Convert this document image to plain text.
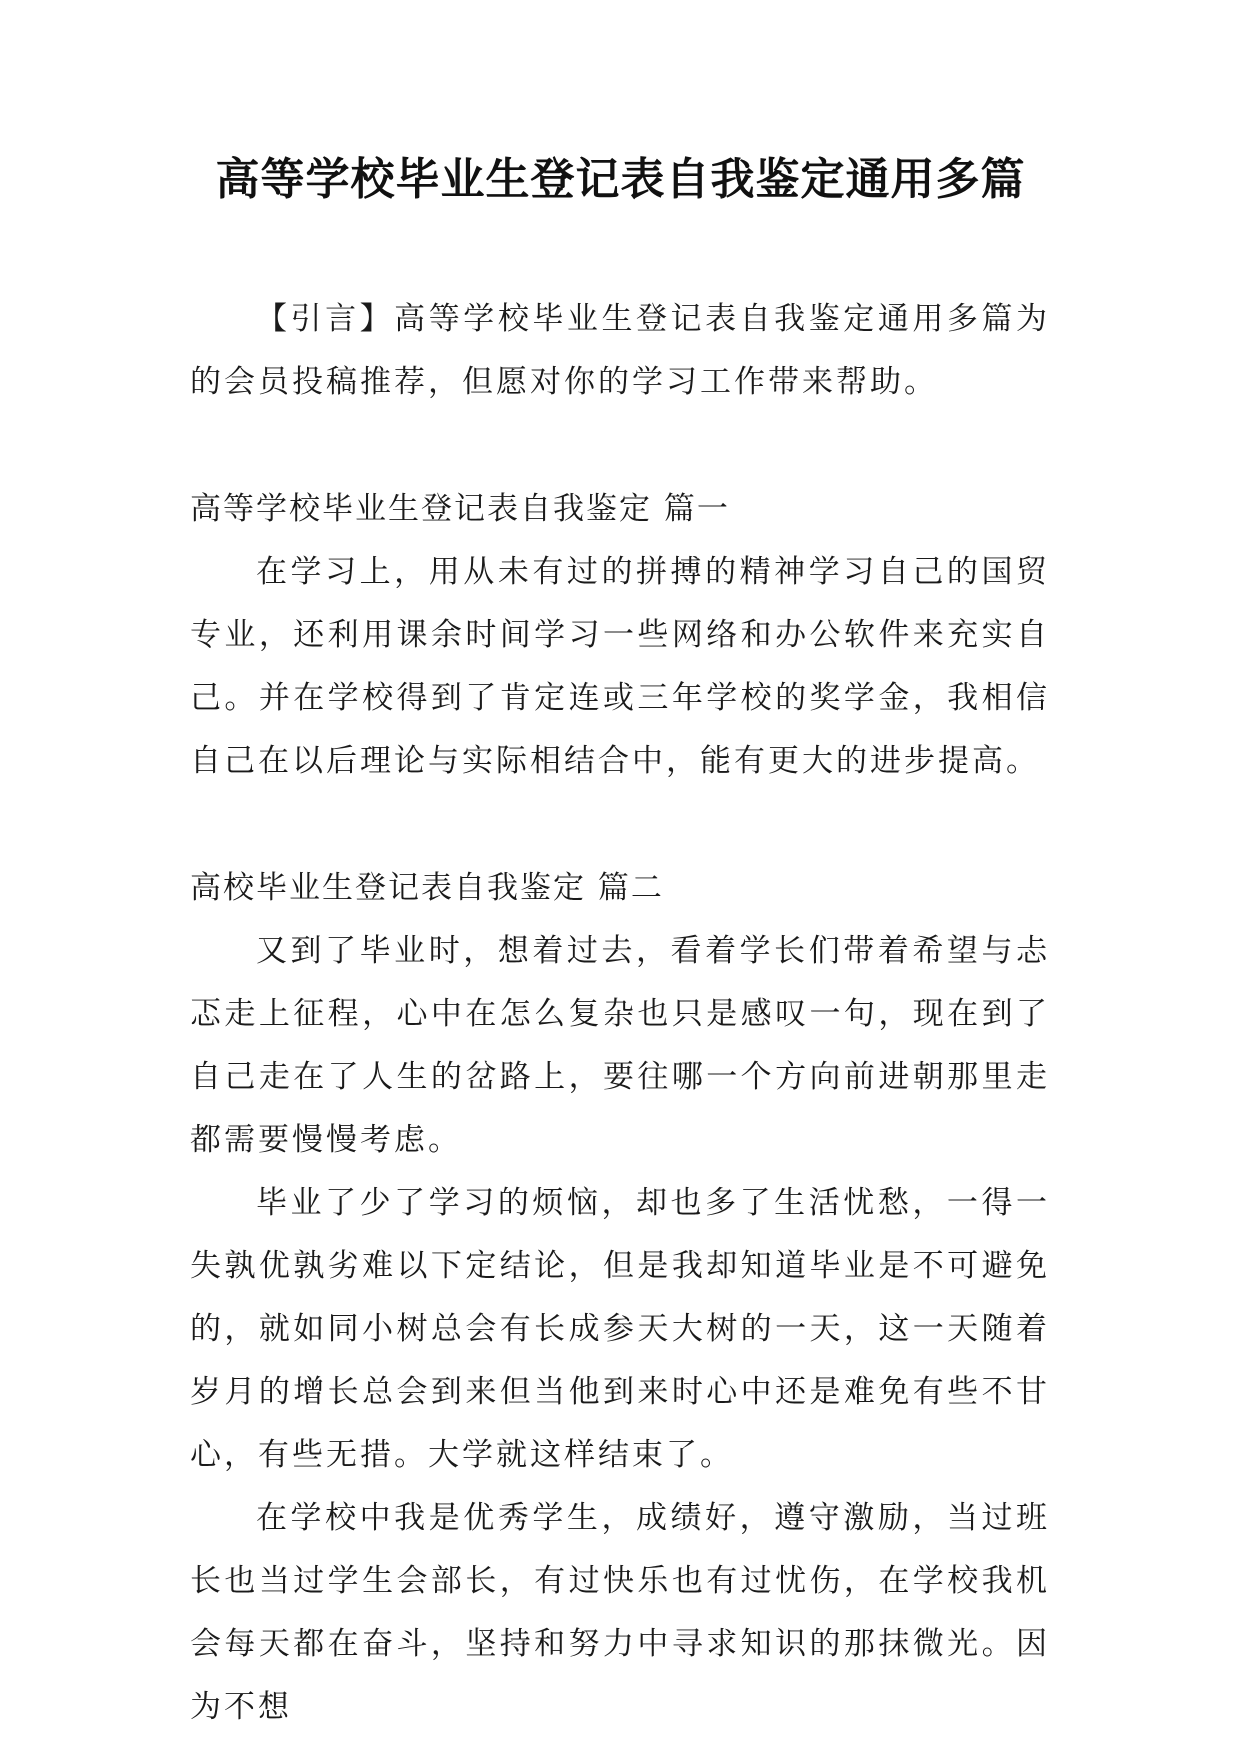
高等学校毕业生登记表自我鉴定通用多篇

【引言】高等学校毕业生登记表自我鉴定通用多篇为的会员投稿推荐，但愿对你的学习工作带来帮助。

高等学校毕业生登记表自我鉴定 篇一

在学习上，用从未有过的拼搏的精神学习自己的国贸专业，还利用课余时间学习一些网络和办公软件来充实自己。并在学校得到了肯定连或三年学校的奖学金，我相信自己在以后理论与实际相结合中，能有更大的进步提高。

高校毕业生登记表自我鉴定 篇二

又到了毕业时，想着过去，看着学长们带着希望与忐忑走上征程，心中在怎么复杂也只是感叹一句，现在到了自己走在了人生的岔路上，要往哪一个方向前进朝那里走都需要慢慢考虑。

毕业了少了学习的烦恼，却也多了生活忧愁，一得一失孰优孰劣难以下定结论，但是我却知道毕业是不可避免的，就如同小树总会有长成参天大树的一天，这一天随着岁月的增长总会到来但当他到来时心中还是难免有些不甘心，有些无措。大学就这样结束了。

在学校中我是优秀学生，成绩好，遵守激励，当过班长也当过学生会部长，有过快乐也有过忧伤，在学校我机会每天都在奋斗，坚持和努力中寻求知识的那抹微光。因为不想
